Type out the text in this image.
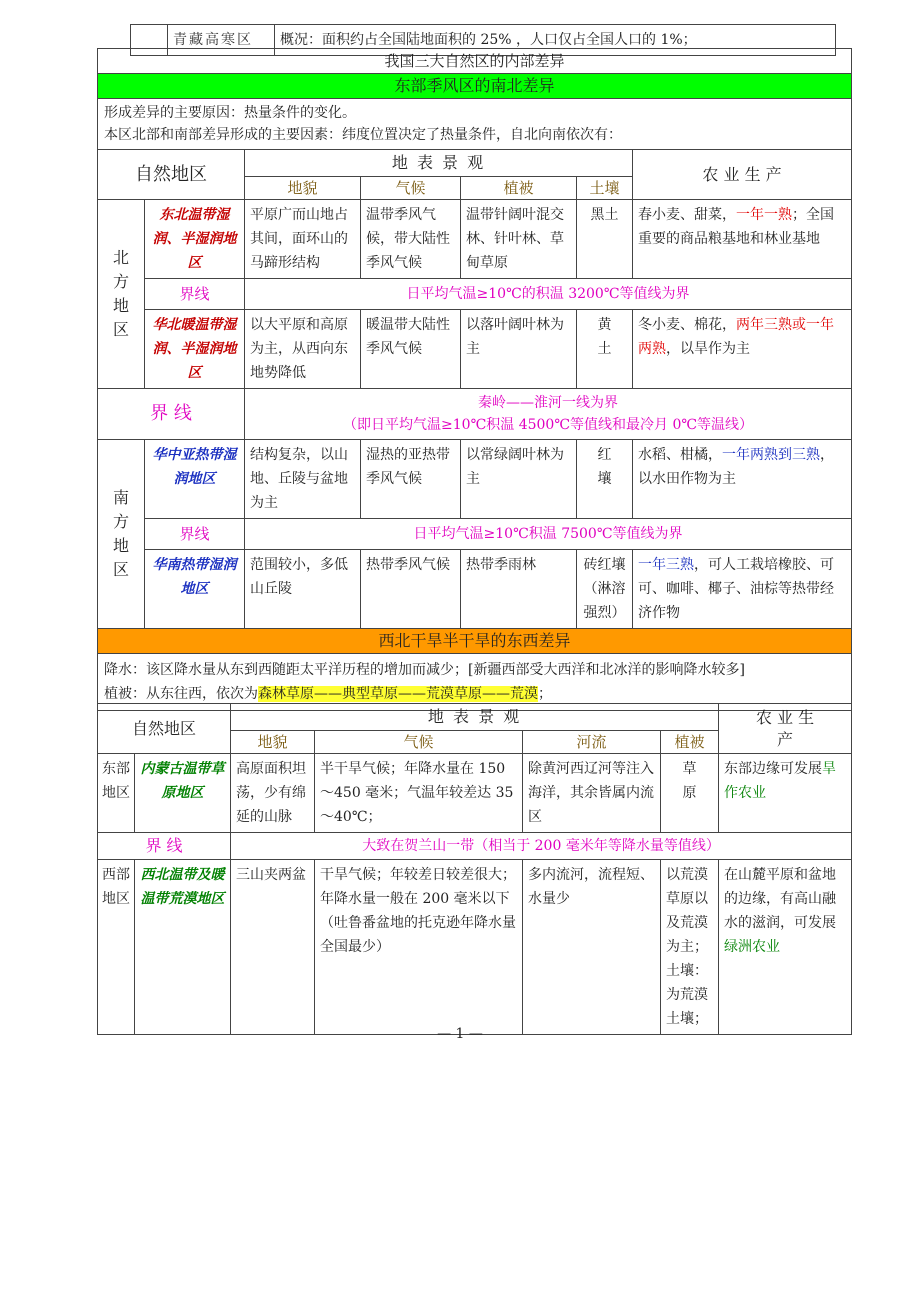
	青藏高寒区	概况：面积约占全国陆地面积的 25% ，人口仅占全国人口的 1%；
我国三大自然区的内部差异						
东部季风区的南北差异						

形成差异的主要原因：热量条件的变化。
本区北部和南部差异形成的主要因素：纬度位置决定了热量条件，自北向南依次有：						

自然地区		地 表 景 观				农 业 生 产
		地貌	气候	植被	土壤	
北方地区	东北温带湿润、半湿润地区	平原广而山地占其间，面环山的马蹄形结构	温带季风气候，带大陆性季风气候	温带针阔叶混交林、针叶林、草甸草原	黑土	春小麦、甜菜，一年一熟；全国重要的商品粮基地和林业基地
	界线	日平均气温≥10℃的积温 3200℃等值线为界				
	华北暖温带湿润、半湿润地区	以大平原和高原为主，从西向东地势降低	暖温带大陆性季风气候	以落叶阔叶林为主	黄土	冬小麦、棉花，两年三熟或一年两熟，以旱作为主
界 线		秦岭——淮河一线为界
（即日平均气温≥10℃积温 4500℃等值线和最冷月 0℃等温线）				

南方地区	华中亚热带湿润地区	结构复杂，以山地、丘陵与盆地为主	湿热的亚热带季风气候	以常绿阔叶林为主	红壤	水稻、柑橘，一年两熟到三熟，以水田作物为主
	界线	日平均气温≥10℃积温 7500℃等值线为界				
	华南热带湿润地区	范围较小，多低山丘陵	热带季风气候	热带季雨林	砖红壤（淋溶强烈）	一年三熟，可人工栽培橡胶、可可、咖啡、椰子、油棕等热带经济作物
西北干旱半干旱的东西差异						

降水：该区降水量从东到西随距太平洋历程的增加而减少；[新疆西部受大西洋和北冰洋的影响降水较多]
植被：从东往西，依次为森林草原——典型草原——荒漠草原——荒漠；						
自然地区		地 表 景 观				农 业 生 产
		地貌	气候	河流	植被	
东部地区	内蒙古温带草原地区	高原面积坦荡，少有绵延的山脉	半干旱气候；年降水量在 150～450 毫米；气温年较差达 35～40℃；	除黄河西辽河等注入海洋，其余皆属内流区	草原	东部边缘可发展旱作农业
界 线		大致在贺兰山一带（相当于 200 毫米年等降水量等值线）				
西部地区	西北温带及暖温带荒漠地区	三山夹两盆	干旱气候；年较差日较差很大；年降水量一般在 200 毫米以下（吐鲁番盆地的托克逊年降水量全国最少）	多内流河，流程短、水量少	以荒漠草原以及荒漠为主；土壤：为荒漠土壤；	在山麓平原和盆地的边缘，有高山融水的滋润，可发展绿洲农业
— 1 —
